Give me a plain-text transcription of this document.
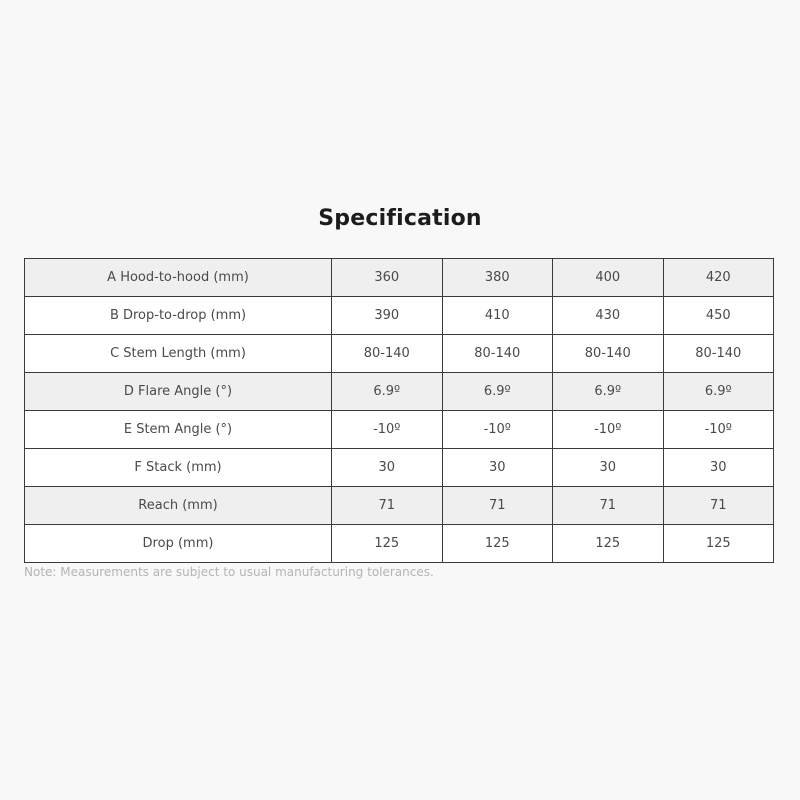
Specification
A Hood-to-hood (mm)	360	380	400	420
B Drop-to-drop (mm)	390	410	430	450
C Stem Length (mm)	80-140	80-140	80-140	80-140
D Flare Angle (°)	6.9º	6.9º	6.9º	6.9º
E Stem Angle (°)	-10º	-10º	-10º	-10º
F Stack (mm)	30	30	30	30
Reach (mm)	71	71	71	71
Drop (mm)	125	125	125	125
Note: Measurements are subject to usual manufacturing tolerances.
